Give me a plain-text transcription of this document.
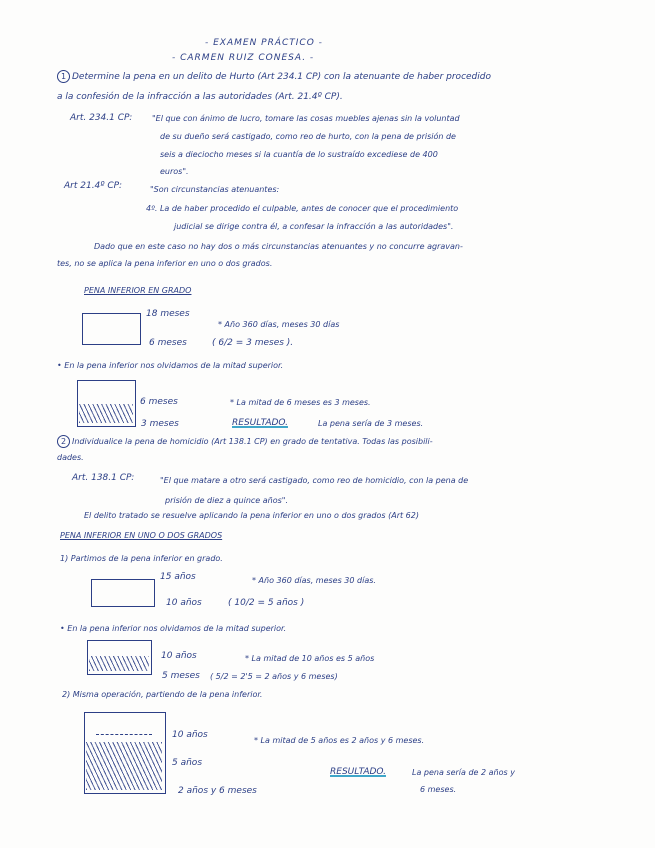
- EXAMEN PRÁCTICO -
- CARMEN RUIZ CONESA. -
1 Determine la pena en un delito de Hurto (Art 234.1 CP) con la atenuante de haber procedido
a la confesión de la infracción a las autoridades (Art. 21.4º CP).
Art. 234.1 CP: "El que con ánimo de lucro, tomare las cosas muebles ajenas sin la voluntad
de su dueño será castigado, como reo de hurto, con la pena de prisión de
seis a dieciocho meses si la cuantía de lo sustraído excediese de 400
euros".
Art 21.4º CP:	"Son circunstancias atenuantes:
4º. La de haber procedido el culpable, antes de conocer que el procedimiento
judicial se dirige contra él, a confesar la infracción a las autoridades".
Dado que en este caso no hay dos o más circunstancias atenuantes y no concurre agravan-
tes, no se aplica la pena inferior en uno o dos grados.
PENA INFERIOR EN GRADO
18 meses
6 meses	( 6/2 = 3 meses ).
* Año 360 días, meses 30 días
• En la pena inferior nos olvidamos de la mitad superior.
6 meses
3 meses
* La mitad de 6 meses es 3 meses.
RESULTADO.	La pena sería de 3 meses.
2 Individualice la pena de homicidio (Art 138.1 CP) en grado de tentativa. Todas las posibili-
dades.
Art. 138.1 CP:	"El que matare a otro será castigado, como reo de homicidio, con la pena de
prisión de diez a quince años".
El delito tratado se resuelve aplicando la pena inferior en uno o dos grados (Art 62)
PENA INFERIOR EN UNO O DOS GRADOS
1) Partimos de la pena inferior en grado.
15 años
10 años	( 10/2 = 5 años )
* Año 360 días, meses 30 días.
• En la pena inferior nos olvidamos de la mitad superior.
10 años
5 meses ( 5/2 = 2'5 = 2 años y 6 meses)
* La mitad de 10 años es 5 años
2) Misma operación, partiendo de la pena inferior.
10 años
5 años
2 años y 6 meses
* La mitad de 5 años es 2 años y 6 meses.
RESULTADO.	La pena sería de 2 años y
6 meses.
